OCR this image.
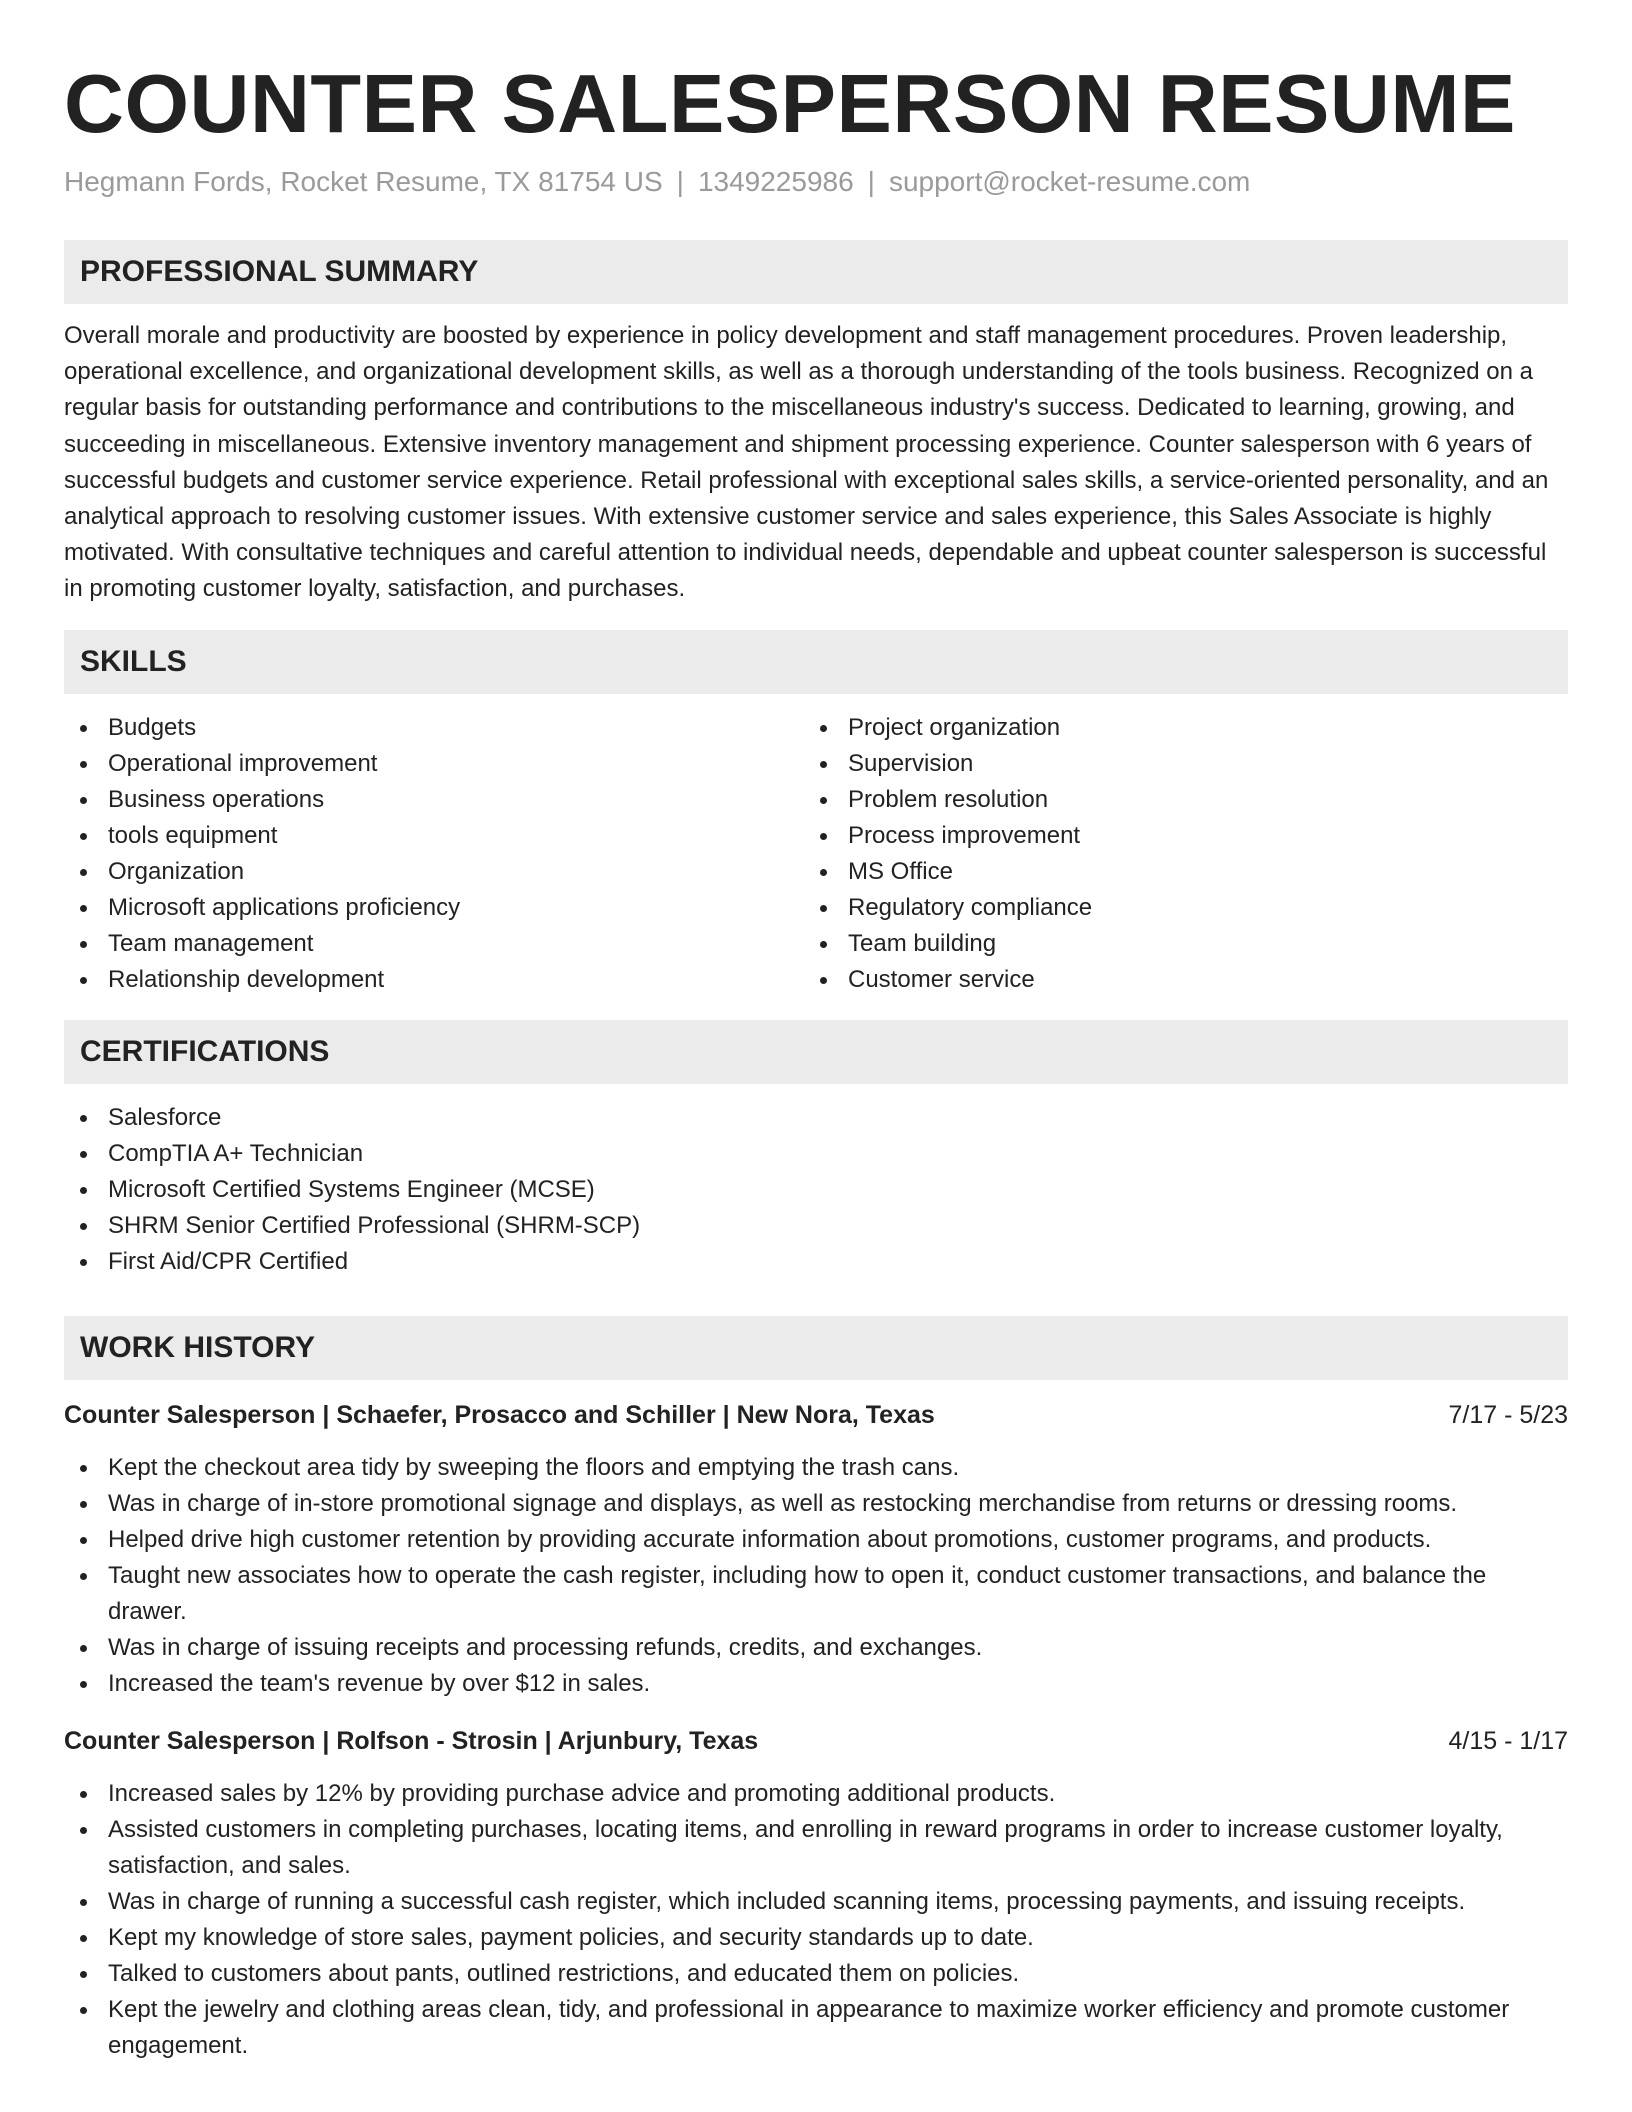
COUNTER SALESPERSON RESUME
Hegmann Fords, Rocket Resume, TX 81754 US | 1349225986 | support@rocket-resume.com
PROFESSIONAL SUMMARY

Overall morale and productivity are boosted by experience in policy development and staff management procedures. Proven leadership, operational excellence, and organizational development skills, as well as a thorough understanding of the tools business. Recognized on a regular basis for outstanding performance and contributions to the miscellaneous industry's success. Dedicated to learning, growing, and succeeding in miscellaneous. Extensive inventory management and shipment processing experience. Counter salesperson with 6 years of successful budgets and customer service experience. Retail professional with exceptional sales skills, a service-oriented personality, and an analytical approach to resolving customer issues. With extensive customer service and sales experience, this Sales Associate is highly motivated. With consultative techniques and careful attention to individual needs, dependable and upbeat counter salesperson is successful in promoting customer loyalty, satisfaction, and purchases.

SKILLS
Budgets
Operational improvement
Business operations
tools equipment
Organization
Microsoft applications proficiency
Team management
Relationship development
Project organization
Supervision
Problem resolution
Process improvement
MS Office
Regulatory compliance
Team building
Customer service
CERTIFICATIONS
Salesforce
CompTIA A+ Technician
Microsoft Certified Systems Engineer (MCSE)
SHRM Senior Certified Professional (SHRM-SCP)
First Aid/CPR Certified
WORK HISTORY
Counter Salesperson | Schaefer, Prosacco and Schiller | New Nora, Texas	7/17 - 5/23
Kept the checkout area tidy by sweeping the floors and emptying the trash cans.
Was in charge of in-store promotional signage and displays, as well as restocking merchandise from returns or dressing rooms.
Helped drive high customer retention by providing accurate information about promotions, customer programs, and products.
Taught new associates how to operate the cash register, including how to open it, conduct customer transactions, and balance the drawer.
Was in charge of issuing receipts and processing refunds, credits, and exchanges.
Increased the team's revenue by over $12 in sales.
Counter Salesperson | Rolfson - Strosin | Arjunbury, Texas	4/15 - 1/17
Increased sales by 12% by providing purchase advice and promoting additional products.
Assisted customers in completing purchases, locating items, and enrolling in reward programs in order to increase customer loyalty, satisfaction, and sales.
Was in charge of running a successful cash register, which included scanning items, processing payments, and issuing receipts.
Kept my knowledge of store sales, payment policies, and security standards up to date.
Talked to customers about pants, outlined restrictions, and educated them on policies.
Kept the jewelry and clothing areas clean, tidy, and professional in appearance to maximize worker efficiency and promote customer engagement.
